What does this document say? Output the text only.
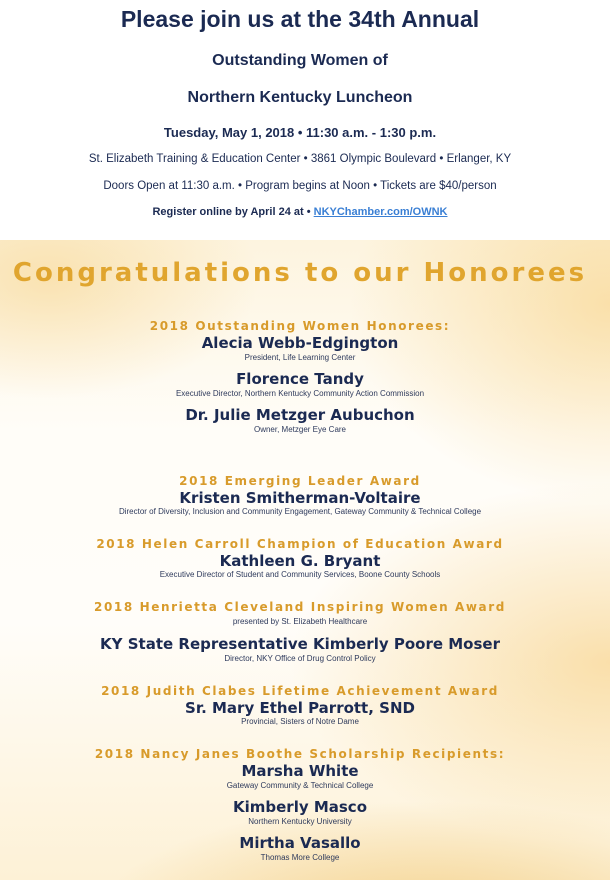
Please join us at the 34th Annual
Outstanding Women of
Northern Kentucky Luncheon
Tuesday, May 1, 2018 • 11:30 a.m. - 1:30 p.m.
St. Elizabeth Training & Education Center • 3861 Olympic Boulevard • Erlanger, KY
Doors Open at 11:30 a.m. • Program begins at Noon • Tickets are $40/person
Register online by April 24 at • NKYChamber.com/OWNK
Congratulations to our Honorees
2018 Outstanding Women Honorees:
Alecia Webb-Edgington
President, Life Learning Center
Florence Tandy
Executive Director, Northern Kentucky Community Action Commission
Dr. Julie Metzger Aubuchon
Owner, Metzger Eye Care
2018 Emerging Leader Award
Kristen Smitherman-Voltaire
Director of Diversity, Inclusion and Community Engagement, Gateway Community & Technical College
2018 Helen Carroll Champion of Education Award
Kathleen G. Bryant
Executive Director of Student and Community Services, Boone County Schools
2018 Henrietta Cleveland Inspiring Women Award
presented by St. Elizabeth Healthcare
KY State Representative Kimberly Poore Moser
Director, NKY Office of Drug Control Policy
2018 Judith Clabes Lifetime Achievement Award
Sr. Mary Ethel Parrott, SND
Provincial, Sisters of Notre Dame
2018 Nancy Janes Boothe Scholarship Recipients:
Marsha White
Gateway Community & Technical College
Kimberly Masco
Northern Kentucky University
Mirtha Vasallo
Thomas More College
